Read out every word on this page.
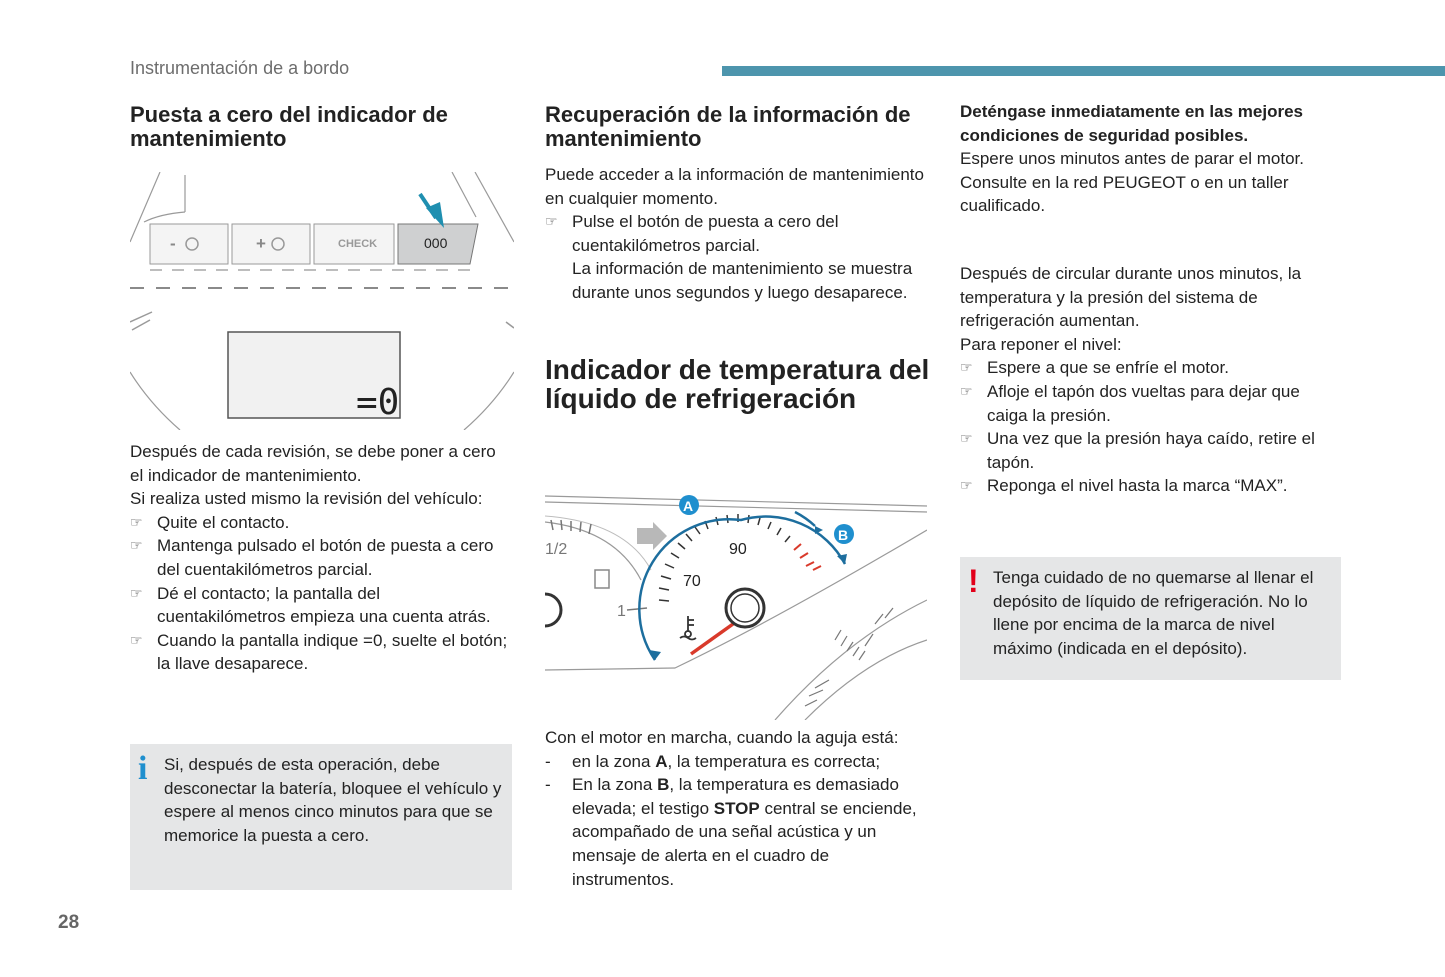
Instrumentación de a bordo
Puesta a cero del indicador de mantenimiento
-	+	CHECK	000
=0

Después de cada revisión, se debe poner a cero el indicador de mantenimiento.

Si realiza usted mismo la revisión del vehículo:

☞ Quite el contacto.
☞ Mantenga pulsado el botón de puesta a cero del cuentakilómetros parcial.
☞ Dé el contacto; la pantalla del cuentakilómetros empieza una cuenta atrás.
☞ Cuando la pantalla indique =0, suelte el botón; la llave desaparece.
i Si, después de esta operación, debe desconectar la batería, bloquee el vehículo y espere al menos cinco minutos para que se memorice la puesta a cero.

Recuperación de la información de mantenimiento

Puede acceder a la información de mantenimiento en cualquier momento.

☞ Pulse el botón de puesta a cero del cuentakilómetros parcial.
La información de mantenimiento se muestra durante unos segundos y luego desaparece.
Indicador de temperatura del líquido de refrigeración
1/2
1
90
70
A
B

Con el motor en marcha, cuando la aguja está:

- en la zona A, la temperatura es correcta;
- En la zona B, la temperatura es demasiado elevada; el testigo STOP central se enciende, acompañado de una señal acústica y un mensaje de alerta en el cuadro de instrumentos.

Deténgase inmediatamente en las mejores condiciones de seguridad posibles.

Espere unos minutos antes de parar el motor. Consulte en la red PEUGEOT o en un taller cualificado.

Después de circular durante unos minutos, la temperatura y la presión del sistema de refrigeración aumentan.

Para reponer el nivel:

☞ Espere a que se enfríe el motor.
☞ Afloje el tapón dos vueltas para dejar que caiga la presión.
☞ Una vez que la presión haya caído, retire el tapón.
☞ Reponga el nivel hasta la marca “MAX”.
! Tenga cuidado de no quemarse al llenar el depósito de líquido de refrigeración. No lo llene por encima de la marca de nivel máximo (indicada en el depósito).

28
